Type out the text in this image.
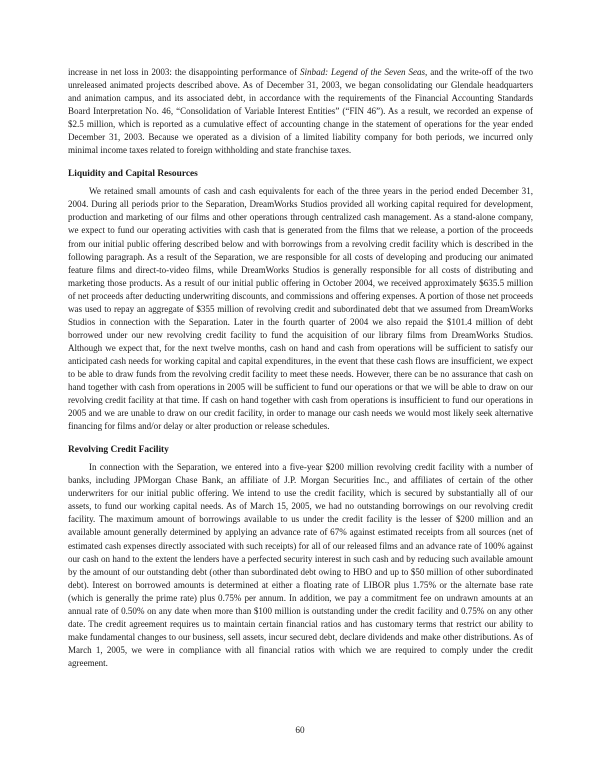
increase in net loss in 2003: the disappointing performance of Sinbad: Legend of the Seven Seas, and the write-off of the two unreleased animated projects described above. As of December 31, 2003, we began consolidating our Glendale headquarters and animation campus, and its associated debt, in accordance with the requirements of the Financial Accounting Standards Board Interpretation No. 46, “Consolidation of Variable Interest Entities” (“FIN 46”). As a result, we recorded an expense of $2.5 million, which is reported as a cumulative effect of accounting change in the statement of operations for the year ended December 31, 2003. Because we operated as a division of a limited liability company for both periods, we incurred only minimal income taxes related to foreign withholding and state franchise taxes.

Liquidity and Capital Resources

We retained small amounts of cash and cash equivalents for each of the three years in the period ended December 31, 2004. During all periods prior to the Separation, DreamWorks Studios provided all working capital required for development, production and marketing of our films and other operations through centralized cash management. As a stand-alone company, we expect to fund our operating activities with cash that is generated from the films that we release, a portion of the proceeds from our initial public offering described below and with borrowings from a revolving credit facility which is described in the following paragraph. As a result of the Separation, we are responsible for all costs of developing and producing our animated feature films and direct-to-video films, while DreamWorks Studios is generally responsible for all costs of distributing and marketing those products. As a result of our initial public offering in October 2004, we received approximately $635.5 million of net proceeds after deducting underwriting discounts, and commissions and offering expenses. A portion of those net proceeds was used to repay an aggregate of $355 million of revolving credit and subordinated debt that we assumed from DreamWorks Studios in connection with the Separation. Later in the fourth quarter of 2004 we also repaid the $101.4 million of debt borrowed under our new revolving credit facility to fund the acquisition of our library films from DreamWorks Studios. Although we expect that, for the next twelve months, cash on hand and cash from operations will be sufficient to satisfy our anticipated cash needs for working capital and capital expenditures, in the event that these cash flows are insufficient, we expect to be able to draw funds from the revolving credit facility to meet these needs. However, there can be no assurance that cash on hand together with cash from operations in 2005 will be sufficient to fund our operations or that we will be able to draw on our revolving credit facility at that time. If cash on hand together with cash from operations is insufficient to fund our operations in 2005 and we are unable to draw on our credit facility, in order to manage our cash needs we would most likely seek alternative financing for films and/or delay or alter production or release schedules.

Revolving Credit Facility

In connection with the Separation, we entered into a five-year $200 million revolving credit facility with a number of banks, including JPMorgan Chase Bank, an affiliate of J.P. Morgan Securities Inc., and affiliates of certain of the other underwriters for our initial public offering. We intend to use the credit facility, which is secured by substantially all of our assets, to fund our working capital needs. As of March 15, 2005, we had no outstanding borrowings on our revolving credit facility. The maximum amount of borrowings available to us under the credit facility is the lesser of $200 million and an available amount generally determined by applying an advance rate of 67% against estimated receipts from all sources (net of estimated cash expenses directly associated with such receipts) for all of our released films and an advance rate of 100% against our cash on hand to the extent the lenders have a perfected security interest in such cash and by reducing such available amount by the amount of our outstanding debt (other than subordinated debt owing to HBO and up to $50 million of other subordinated debt). Interest on borrowed amounts is determined at either a floating rate of LIBOR plus 1.75% or the alternate base rate (which is generally the prime rate) plus 0.75% per annum. In addition, we pay a commitment fee on undrawn amounts at an annual rate of 0.50% on any date when more than $100 million is outstanding under the credit facility and 0.75% on any other date. The credit agreement requires us to maintain certain financial ratios and has customary terms that restrict our ability to make fundamental changes to our business, sell assets, incur secured debt, declare dividends and make other distributions. As of March 1, 2005, we were in compliance with all financial ratios with which we are required to comply under the credit agreement.

60
